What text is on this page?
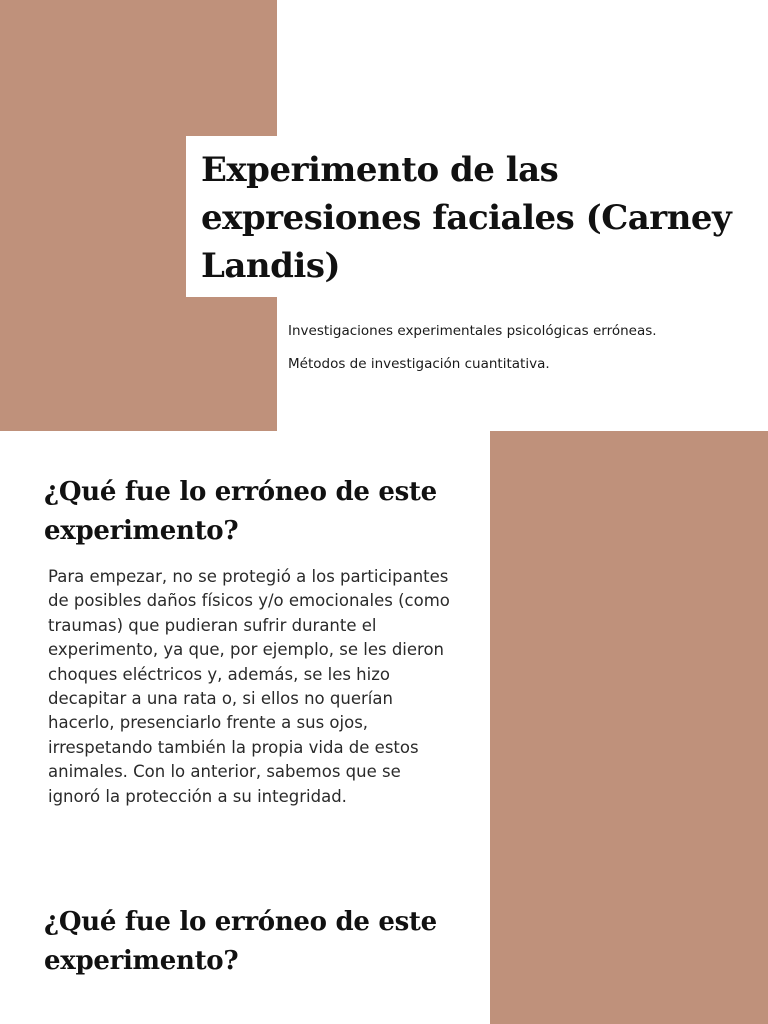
Experimento de las expresiones faciales (Carney Landis)

Investigaciones experimentales psicológicas erróneas.

Métodos de investigación cuantitativa.

¿Qué fue lo erróneo de este experimento?

Para empezar, no se protegió a los participantes de posibles daños físicos y/o emocionales (como traumas) que pudieran sufrir durante el experimento, ya que, por ejemplo, se les dieron choques eléctricos y, además, se les hizo decapitar a una rata o, si ellos no querían hacerlo, presenciarlo frente a sus ojos, irrespetando también la propia vida de estos animales. Con lo anterior, sabemos que se ignoró la protección a su integridad.

¿Qué fue lo erróneo de este experimento?
